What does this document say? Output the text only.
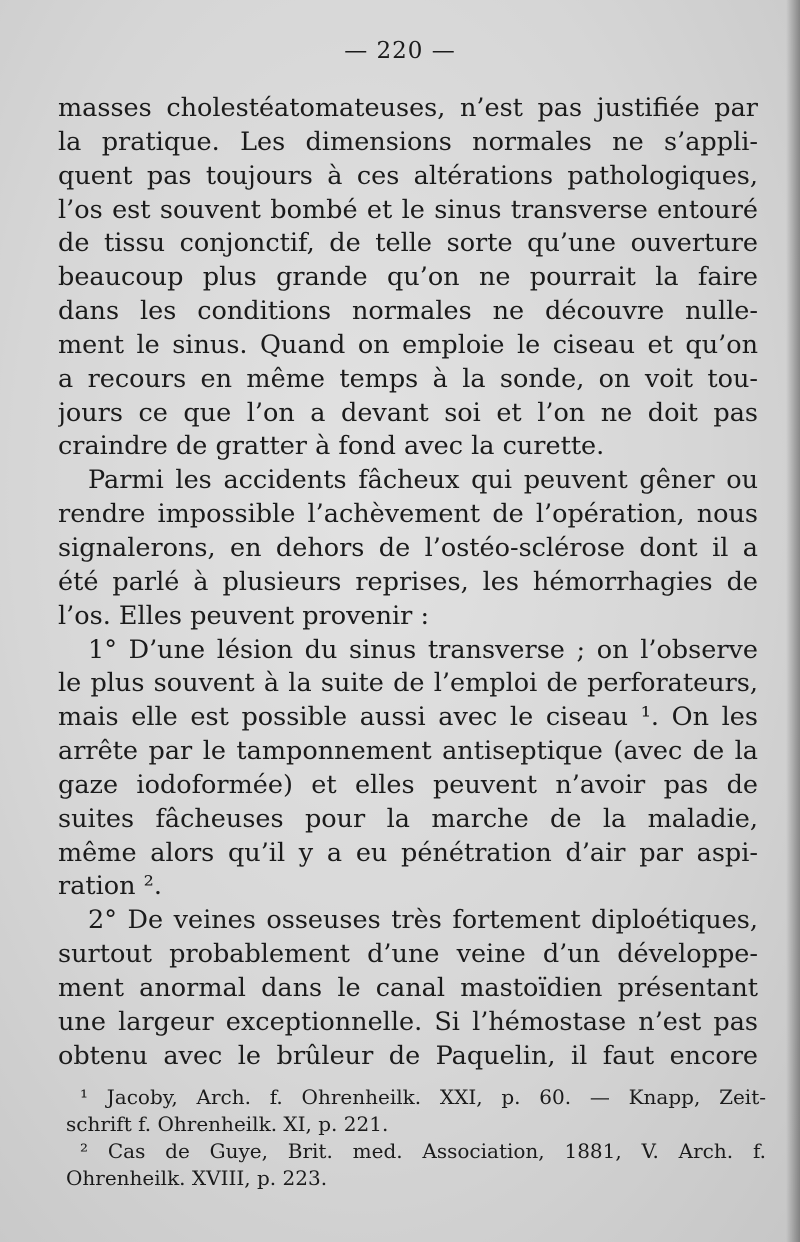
— 220 —
masses cholestéatomateuses, n’est pas justifiée par
la pratique. Les dimensions normales ne s’appli-
quent pas toujours à ces altérations pathologiques,
l’os est souvent bombé et le sinus transverse entouré
de tissu conjonctif, de telle sorte qu’une ouverture
beaucoup plus grande qu’on ne pourrait la faire
dans les conditions normales ne découvre nulle-
ment le sinus. Quand on emploie le ciseau et qu’on
a recours en même temps à la sonde, on voit tou-
jours ce que l’on a devant soi et l’on ne doit pas
craindre de gratter à fond avec la curette.
Parmi les accidents fâcheux qui peuvent gêner ou
rendre impossible l’achèvement de l’opération, nous
signalerons, en dehors de l’ostéo-sclérose dont il a
été parlé à plusieurs reprises, les hémorrhagies de
l’os. Elles peuvent provenir :
1° D’une lésion du sinus transverse ; on l’observe
le plus souvent à la suite de l’emploi de perforateurs,
mais elle est possible aussi avec le ciseau ¹. On les
arrête par le tamponnement antiseptique (avec de la
gaze iodoformée) et elles peuvent n’avoir pas de
suites fâcheuses pour la marche de la maladie,
même alors qu’il y a eu pénétration d’air par aspi-
ration ².
2° De veines osseuses très fortement diploétiques,
surtout probablement d’une veine d’un développe-
ment anormal dans le canal mastoïdien présentant
une largeur exceptionnelle. Si l’hémostase n’est pas
obtenu avec le brûleur de Paquelin, il faut encore
¹ Jacoby, Arch. f. Ohrenheilk. XXI, p. 60. — Knapp, Zeit-
schrift f. Ohrenheilk. XI, p. 221.
² Cas de Guye, Brit. med. Association, 1881, V. Arch. f.
Ohrenheilk. XVIII, p. 223.
